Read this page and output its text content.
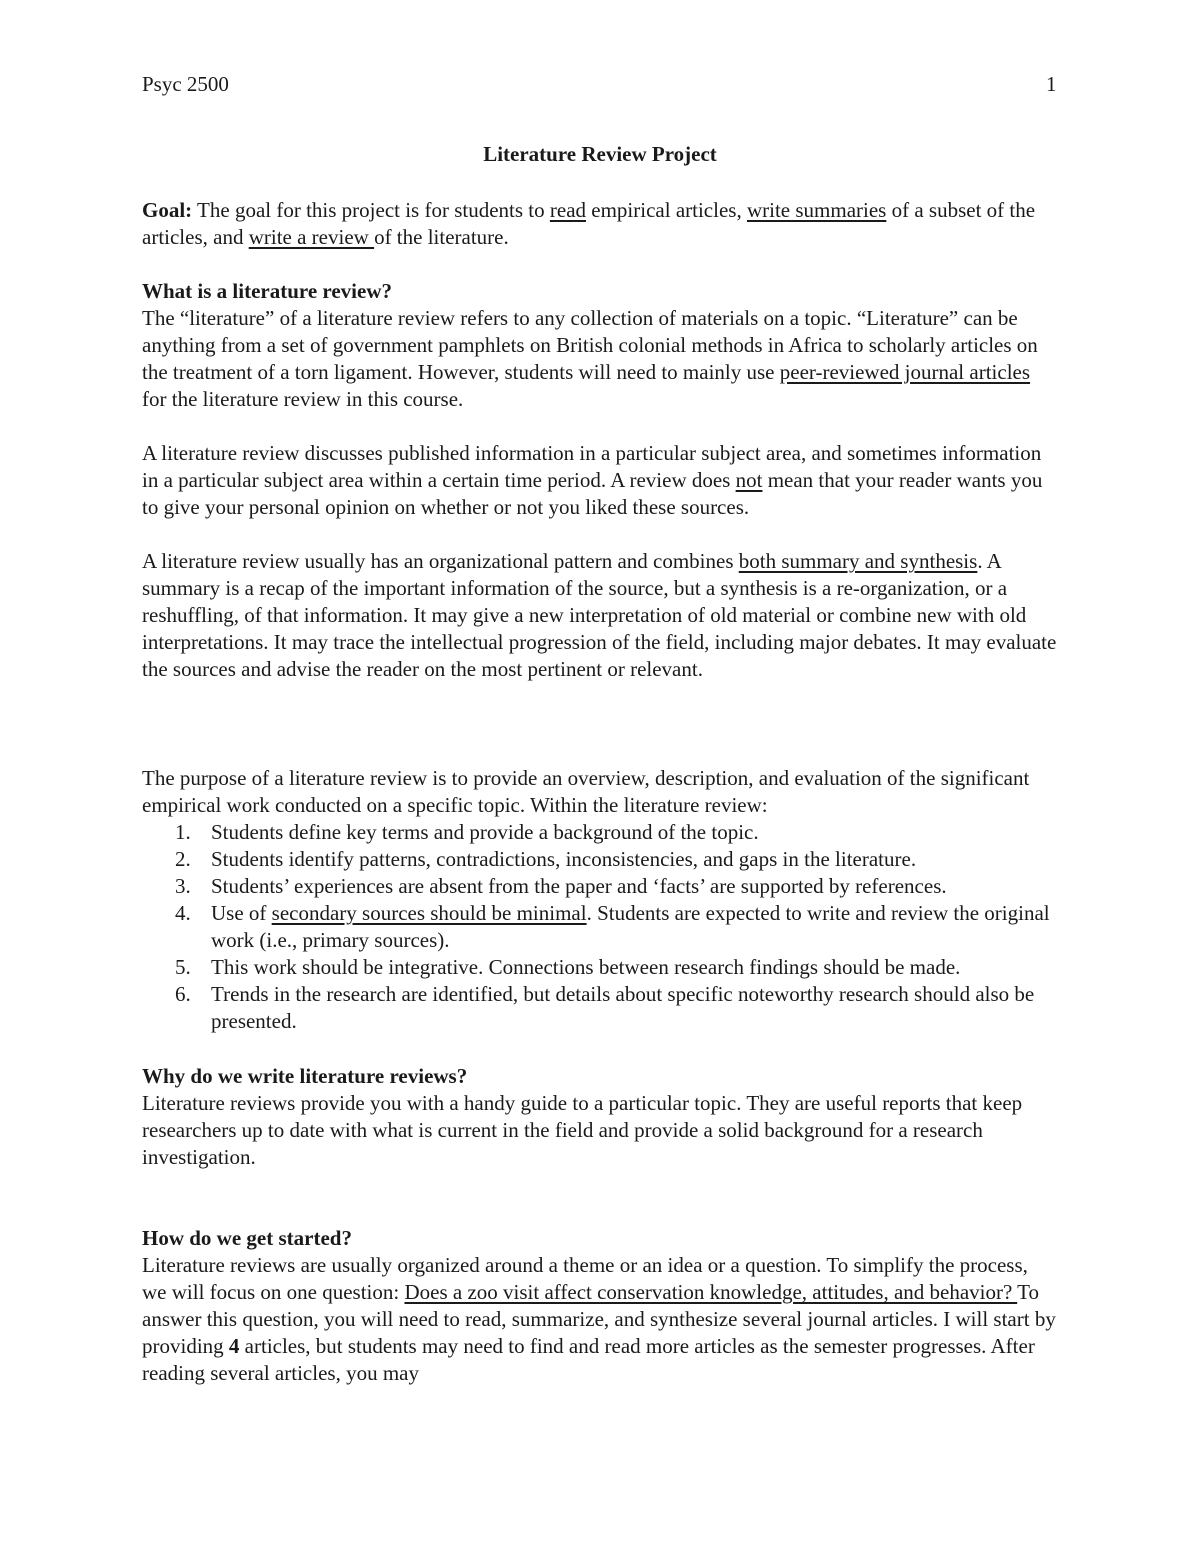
Psyc 2500	1
Literature Review Project

Goal: The goal for this project is for students to read empirical articles, write summaries of a subset of the articles, and write a review of the literature.

What is a literature review?

The “literature” of a literature review refers to any collection of materials on a topic. “Literature” can be anything from a set of government pamphlets on British colonial methods in Africa to scholarly articles on the treatment of a torn ligament. However, students will need to mainly use peer-reviewed journal articles for the literature review in this course.

A literature review discusses published information in a particular subject area, and sometimes information in a particular subject area within a certain time period. A review does not mean that your reader wants you to give your personal opinion on whether or not you liked these sources.

A literature review usually has an organizational pattern and combines both summary and synthesis. A summary is a recap of the important information of the source, but a synthesis is a re-organization, or a reshuffling, of that information. It may give a new interpretation of old material or combine new with old interpretations. It may trace the intellectual progression of the field, including major debates. It may evaluate the sources and advise the reader on the most pertinent or relevant.

The purpose of a literature review is to provide an overview, description, and evaluation of the significant empirical work conducted on a specific topic. Within the literature review:

1. Students define key terms and provide a background of the topic.
2. Students identify patterns, contradictions, inconsistencies, and gaps in the literature.
3. Students’ experiences are absent from the paper and ‘facts’ are supported by references.
4. Use of secondary sources should be minimal. Students are expected to write and review the original work (i.e., primary sources).
5. This work should be integrative. Connections between research findings should be made.
6. Trends in the research are identified, but details about specific noteworthy research should also be presented.

Why do we write literature reviews?

Literature reviews provide you with a handy guide to a particular topic. They are useful reports that keep researchers up to date with what is current in the field and provide a solid background for a research investigation.

How do we get started?

Literature reviews are usually organized around a theme or an idea or a question. To simplify the process, we will focus on one question: Does a zoo visit affect conservation knowledge, attitudes, and behavior? To answer this question, you will need to read, summarize, and synthesize several journal articles. I will start by providing 4 articles, but students may need to find and read more articles as the semester progresses. After reading several articles, you may
